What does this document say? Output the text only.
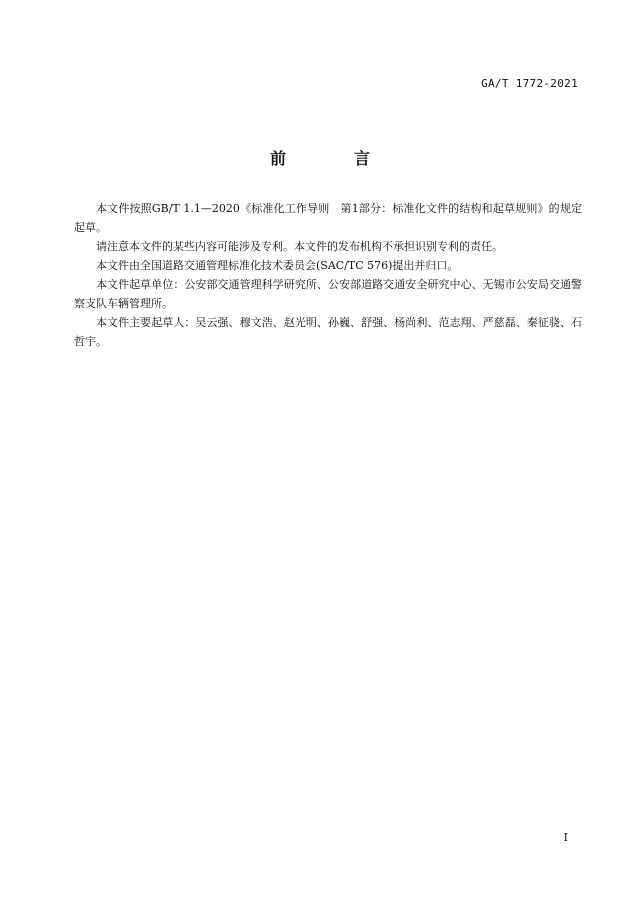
GA/T 1772-2021
前　言

本文件按照GB/T 1.1—2020《标准化工作导则　第1部分：标准化文件的结构和起草规则》的规定起草。

请注意本文件的某些内容可能涉及专利。本文件的发布机构不承担识别专利的责任。

本文件由全国道路交通管理标准化技术委员会(SAC/TC 576)提出并归口。

本文件起草单位：公安部交通管理科学研究所、公安部道路交通安全研究中心、无锡市公安局交通警察支队车辆管理所。

本文件主要起草人：吴云强、穆文浩、赵光明、孙巍、舒强、杨尚利、范志翔、严慈磊、秦征骁、石哲宇。

I
